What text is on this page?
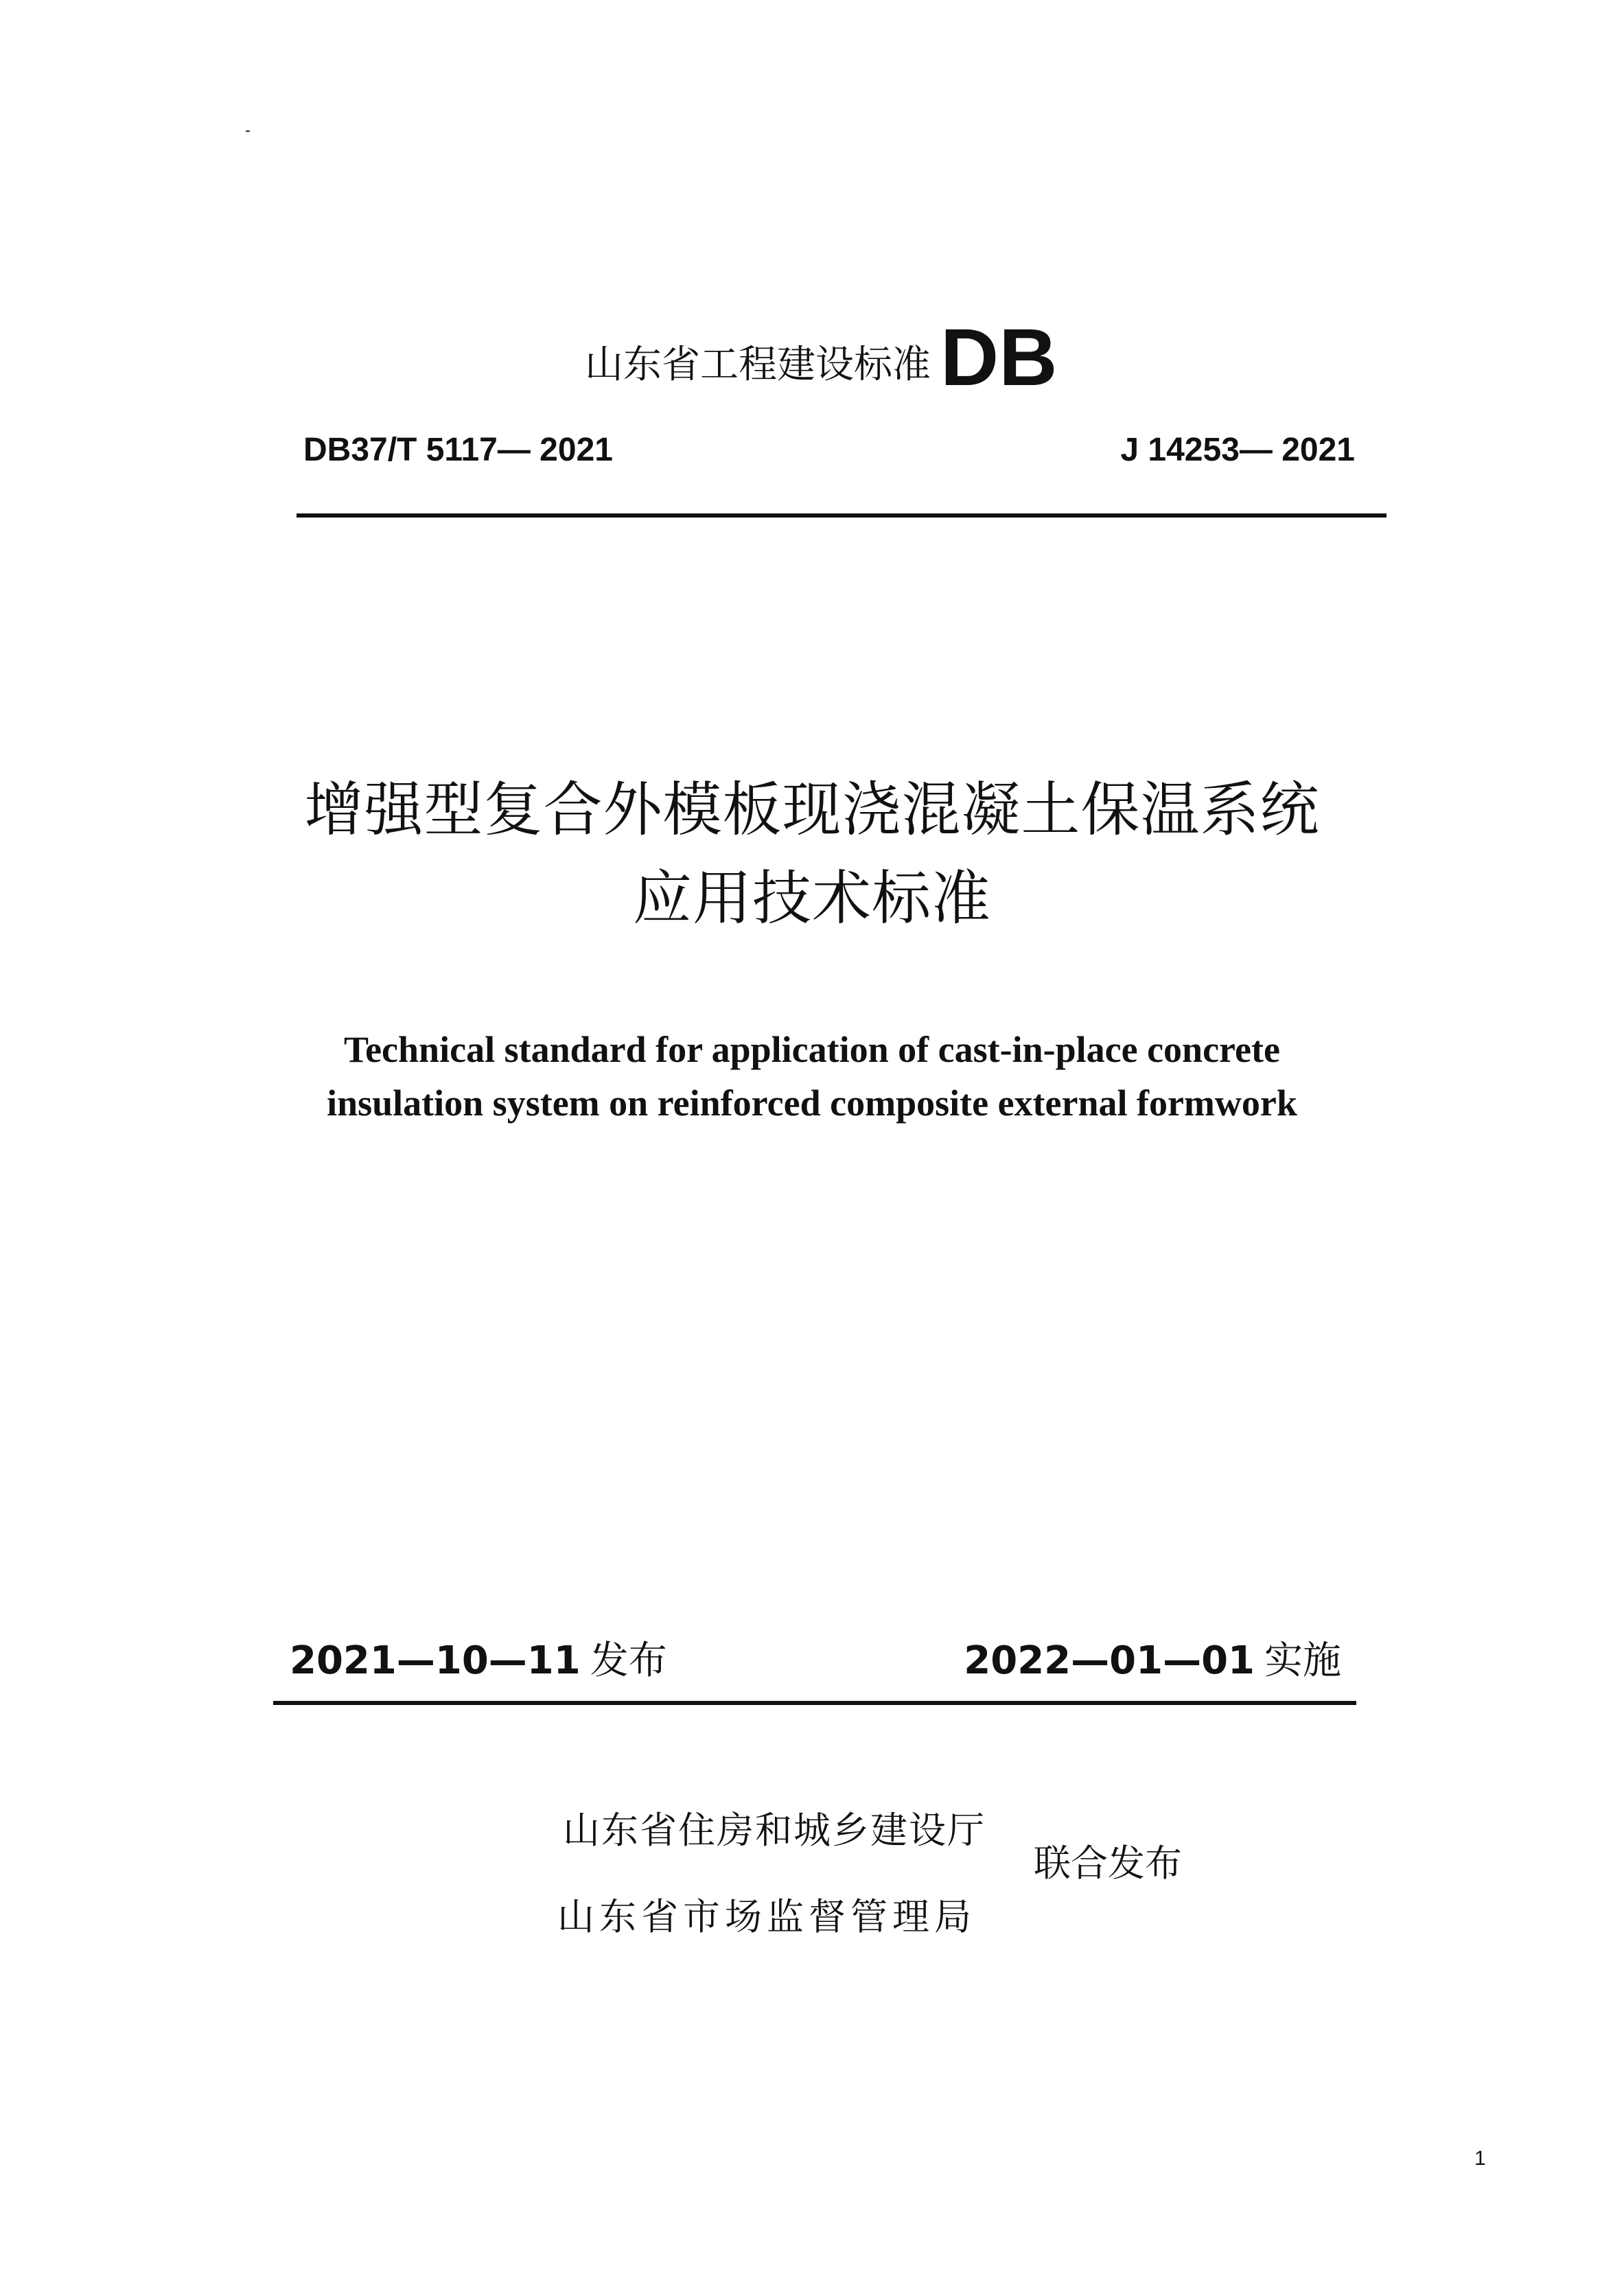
-
山东省工程建设标准 DB
DB37/T 5117— 2021	J 14253— 2021
增强型复合外模板现浇混凝土保温系统
应用技术标准
Technical standard for application of cast-in-place concrete
insulation system on reinforced composite external formwork
2021—10—11 发布	2022—01—01 实施
山东省住房和城乡建设厅
山东省市场监督管理局
联合发布
1
